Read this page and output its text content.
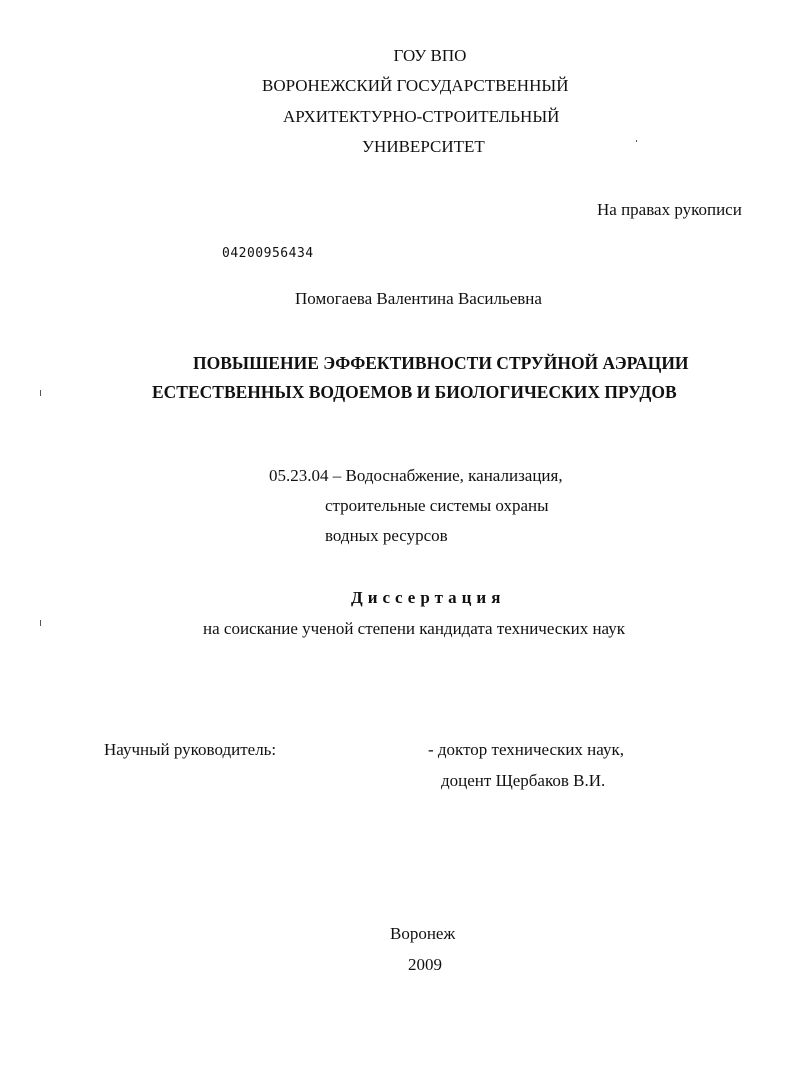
ГОУ ВПО
ВОРОНЕЖСКИЙ ГОСУДАРСТВЕННЫЙ
АРХИТЕКТУРНО-СТРОИТЕЛЬНЫЙ
УНИВЕРСИТЕТ
На правах рукописи
04200956434
Помогаева Валентина Васильевна
ПОВЫШЕНИЕ ЭФФЕКТИВНОСТИ СТРУЙНОЙ АЭРАЦИИ
ЕСТЕСТВЕННЫХ ВОДОЕМОВ И БИОЛОГИЧЕСКИХ ПРУДОВ
05.23.04 – Водоснабжение, канализация,
строительные системы охраны
водных ресурсов
Диссертация
на соискание ученой степени кандидата технических наук
Научный руководитель:	- доктор технических наук,
доцент Щербаков В.И.
Воронеж
2009
